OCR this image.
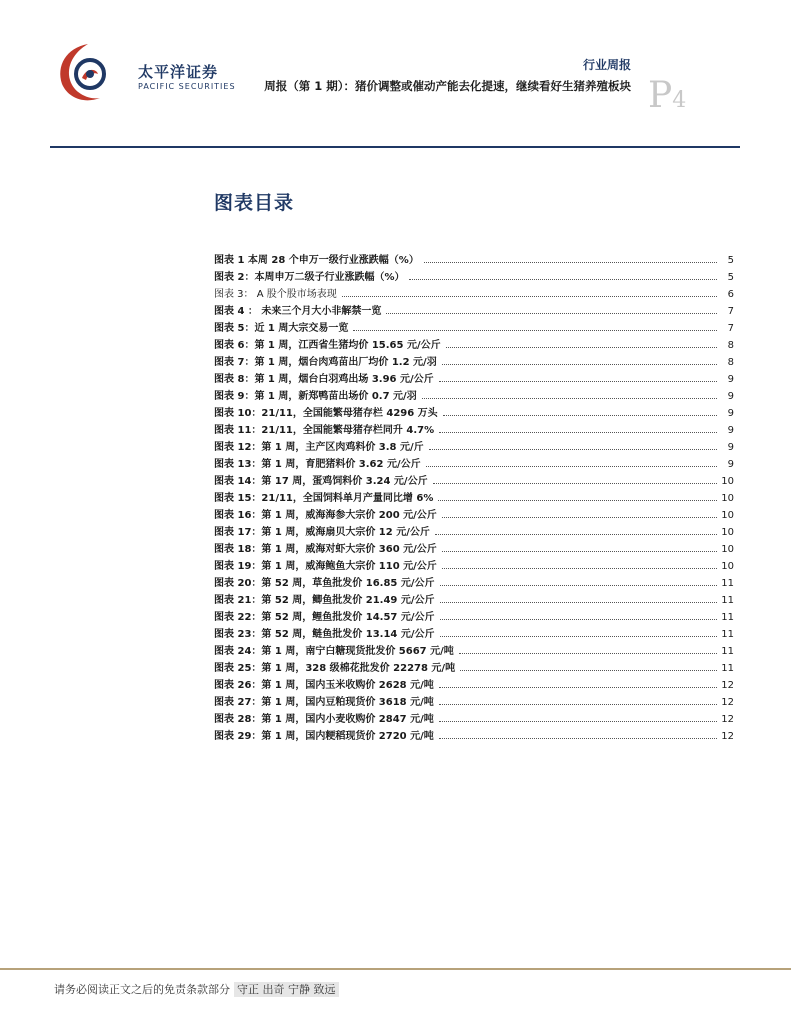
太平洋证券
PACIFIC SECURITIES
行业周报
周报（第 1 期）：猪价调整或催动产能去化提速，继续看好生猪养殖板块 P4
图表目录
图表 1 本周 28 个申万一级行业涨跌幅（%）	5
图表 2：本周申万二级子行业涨跌幅（%）	5
图表 3： A 股个股市场表现	6
图表 4 ： 未来三个月大小非解禁一览	7
图表 5：近 1 周大宗交易一览	7
图表 6：第 1 周，江西省生猪均价 15.65 元/公斤	8
图表 7：第 1 周，烟台肉鸡苗出厂均价 1.2 元/羽	8
图表 8：第 1 周，烟台白羽鸡出场 3.96 元/公斤	9
图表 9：第 1 周，新郑鸭苗出场价 0.7 元/羽	9
图表 10：21/11，全国能繁母猪存栏 4296 万头	9
图表 11：21/11，全国能繁母猪存栏同升 4.7%	9
图表 12：第 1 周，主产区肉鸡料价 3.8 元/斤	9
图表 13：第 1 周，育肥猪料价 3.62 元/公斤	9
图表 14：第 17 周，蛋鸡饲料价 3.24 元/公斤	10
图表 15：21/11，全国饲料单月产量同比增 6%	10
图表 16：第 1 周，威海海参大宗价 200 元/公斤	10
图表 17：第 1 周，威海扇贝大宗价 12 元/公斤	10
图表 18：第 1 周，威海对虾大宗价 360 元/公斤	10
图表 19：第 1 周，威海鲍鱼大宗价 110 元/公斤	10
图表 20：第 52 周，草鱼批发价 16.85 元/公斤	11
图表 21：第 52 周，鲫鱼批发价 21.49 元/公斤	11
图表 22：第 52 周，鲤鱼批发价 14.57 元/公斤	11
图表 23：第 52 周，鲢鱼批发价 13.14 元/公斤	11
图表 24：第 1 周，南宁白糖现货批发价 5667 元/吨	11
图表 25：第 1 周，328 级棉花批发价 22278 元/吨	11
图表 26：第 1 周，国内玉米收购价 2628 元/吨	12
图表 27：第 1 周，国内豆粕现货价 3618 元/吨	12
图表 28：第 1 周，国内小麦收购价 2847 元/吨	12
图表 29：第 1 周，国内粳稻现货价 2720 元/吨	12
请务必阅读正文之后的免责条款部分 守正 出奇 宁静 致远
